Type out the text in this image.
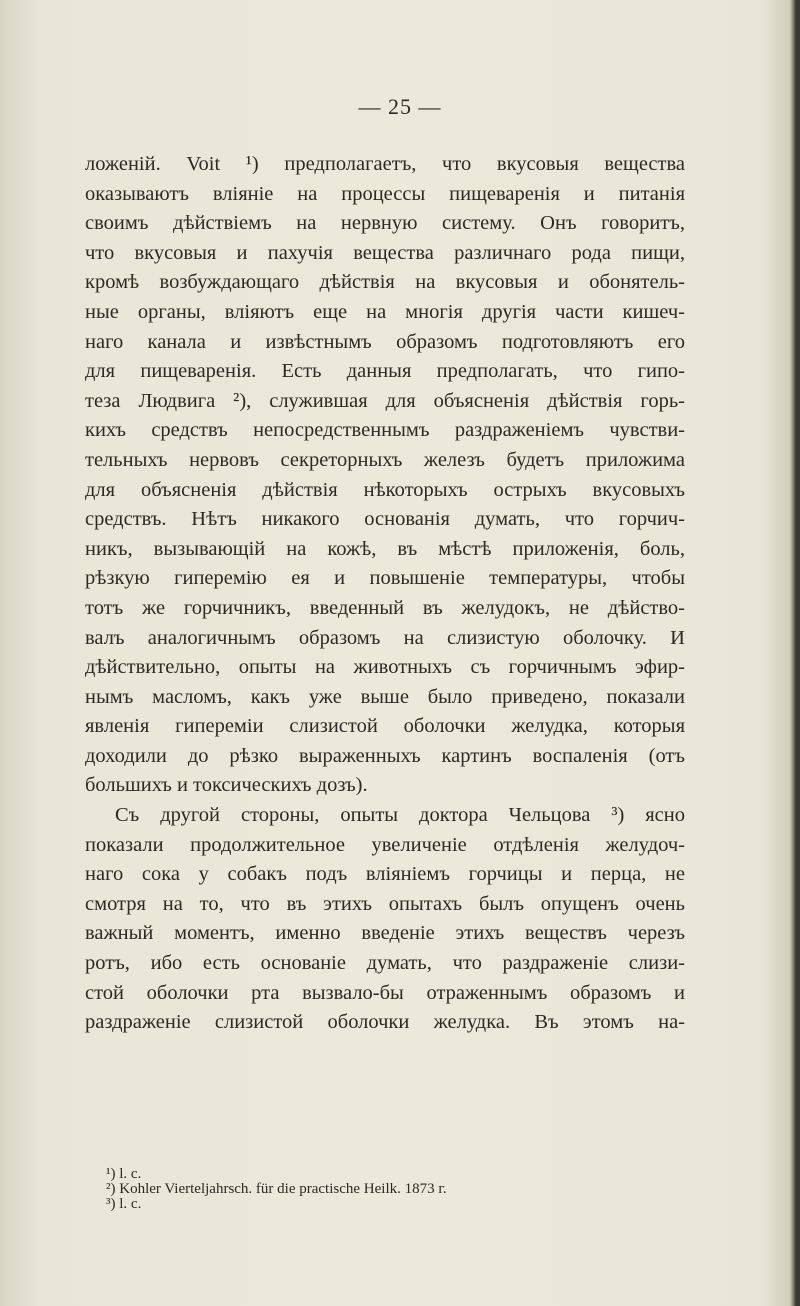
— 25 —
ложеній. Voit ¹) предполагаетъ, что вкусовыя вещества
оказываютъ вліяніе на процессы пищеваренія и питанія
своимъ дѣйствіемъ на нервную систему. Онъ говоритъ,
что вкусовыя и пахучія вещества различнаго рода пищи,
кромѣ возбуждающаго дѣйствія на вкусовыя и обонятель-
ные органы, вліяютъ еще на многія другія части кишеч-
наго канала и извѣстнымъ образомъ подготовляютъ его
для пищеваренія. Есть данныя предполагать, что гипо-
теза Людвига ²), служившая для объясненія дѣйствія горь-
кихъ средствъ непосредственнымъ раздраженіемъ чувстви-
тельныхъ нервовъ секреторныхъ железъ будетъ приложима
для объясненія дѣйствія нѣкоторыхъ острыхъ вкусовыхъ
средствъ. Нѣтъ никакого основанія думать, что горчич-
никъ, вызывающій на кожѣ, въ мѣстѣ приложенія, боль,
рѣзкую гиперемію ея и повышеніе температуры, чтобы
тотъ же горчичникъ, введенный въ желудокъ, не дѣйство-
валъ аналогичнымъ образомъ на слизистую оболочку. И
дѣйствительно, опыты на животныхъ съ горчичнымъ эфир-
нымъ масломъ, какъ уже выше было приведено, показали
явленія гипереміи слизистой оболочки желудка, которыя
доходили до рѣзко выраженныхъ картинъ воспаленія (отъ
большихъ и токсическихъ дозъ).
Съ другой стороны, опыты доктора Чельцова ³) ясно
показали продолжительное увеличеніе отдѣленія желудоч-
наго сока у собакъ подъ вліяніемъ горчицы и перца, не
смотря на то, что въ этихъ опытахъ былъ опущенъ очень
важный моментъ, именно введеніе этихъ веществъ черезъ
ротъ, ибо есть основаніе думать, что раздраженіе слизи-
стой оболочки рта вызвало-бы отраженнымъ образомъ и
раздраженіе слизистой оболочки желудка. Въ этомъ на-
¹) l. c.
²) Kohler Vierteljahrsch. für die practische Heilk. 1873 г.
³) l. c.
